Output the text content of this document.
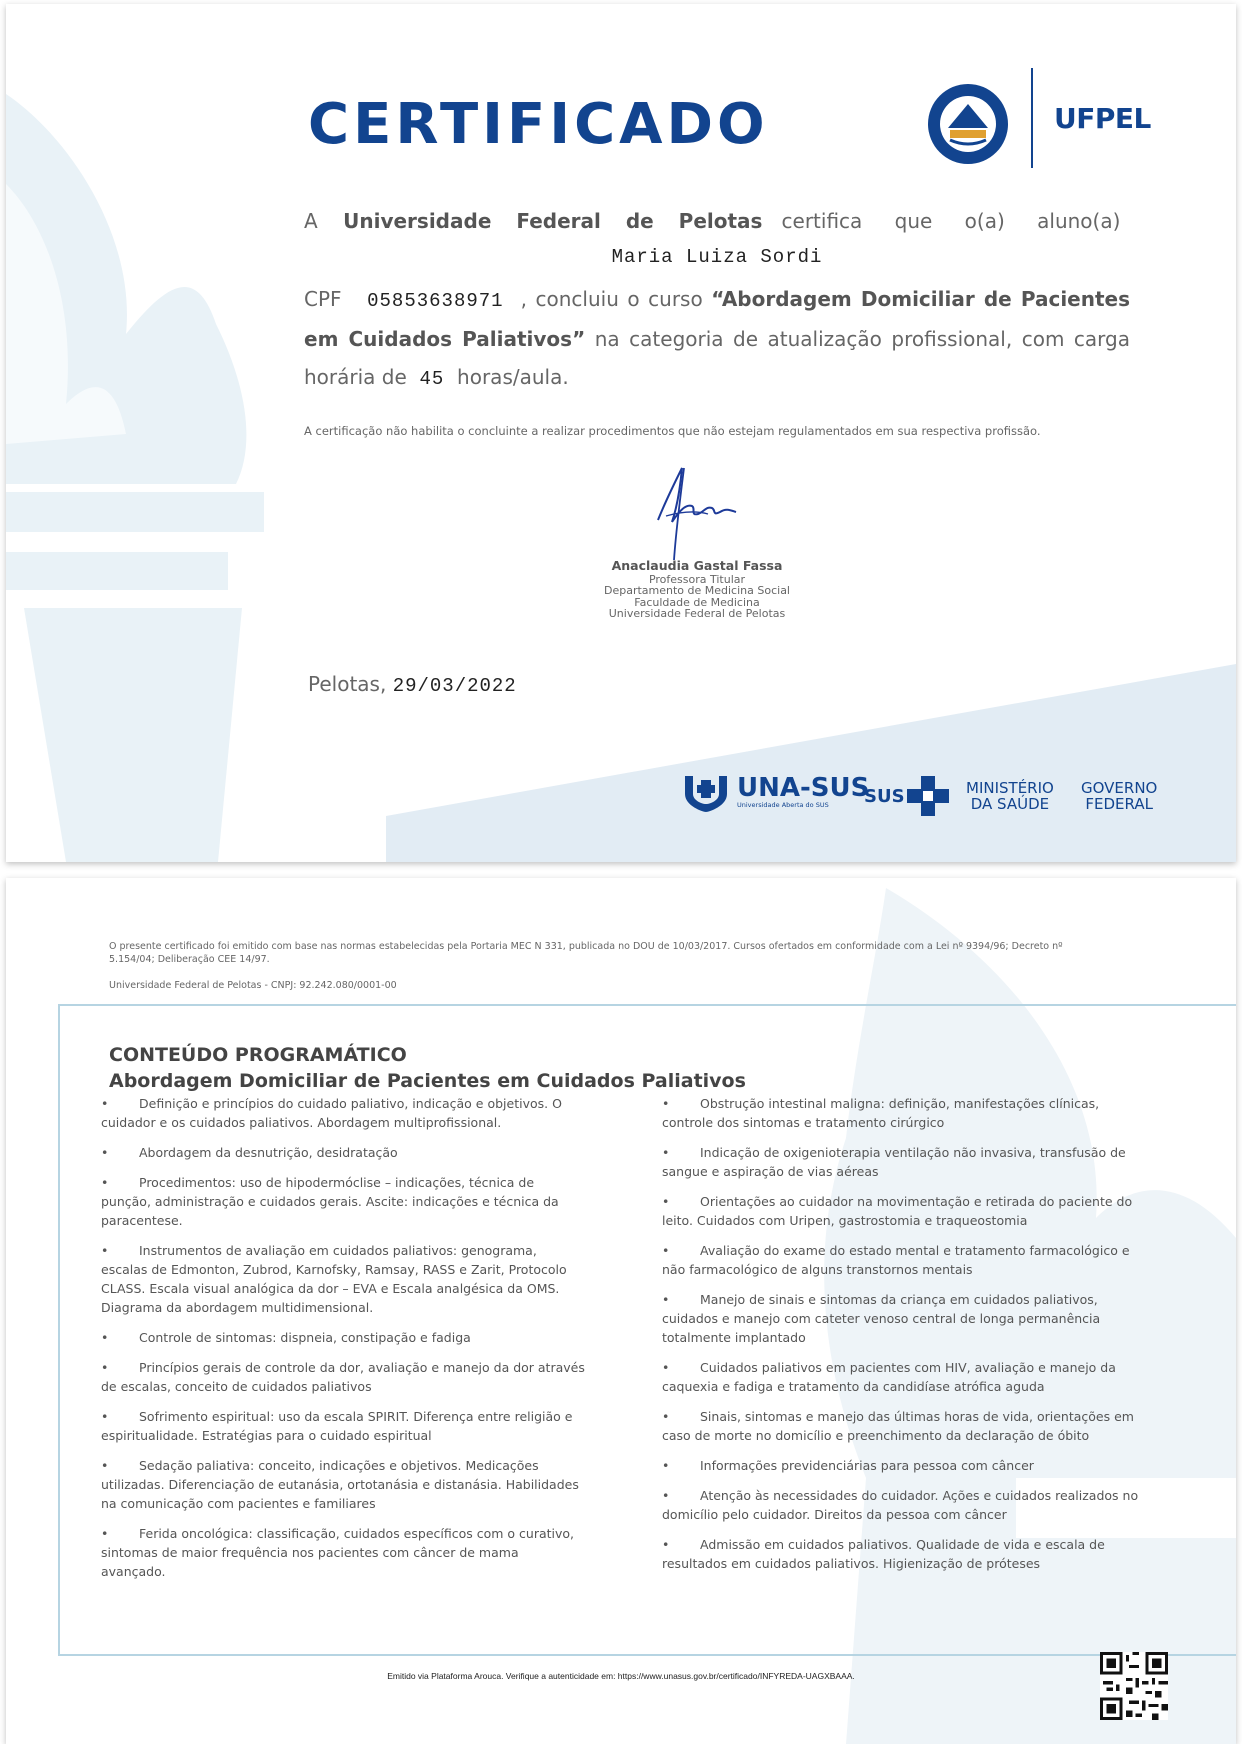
CERTIFICADO	UFPEL
A Universidade Federal de Pelotas certifica que o(a) aluno(a)
Maria Luiza Sordi
CPF 05853638971 , concluiu o curso “Abordagem Domiciliar de Pacientes em Cuidados Paliativos” na categoria de atualização profissional, com carga horária de 45 horas/aula.
A certificação não habilita o concluinte a realizar procedimentos que não estejam regulamentados em sua respectiva profissão.
Anaclaudia Gastal Fassa
Professora Titular
Departamento de Medicina Social
Faculdade de Medicina
Universidade Federal de Pelotas
Pelotas, 29/03/2022
UNA-SUS
Universidade Aberta do SUS	SUS	MINISTÉRIO
DA SAÚDE
GOVERNO
FEDERAL
O presente certificado foi emitido com base nas normas estabelecidas pela Portaria MEC N 331, publicada no DOU de 10/03/2017. Cursos ofertados em conformidade com a Lei nº 9394/96; Decreto nº 5.154/04; Deliberação CEE 14/97.
Universidade Federal de Pelotas - CNPJ: 92.242.080/0001-00
CONTEÚDO PROGRAMÁTICO
Abordagem Domiciliar de Pacientes em Cuidados Paliativos
• Definição e princípios do cuidado paliativo, indicação e objetivos. O cuidador e os cuidados paliativos. Abordagem multiprofissional.
• Abordagem da desnutrição, desidratação
• Procedimentos: uso de hipodermóclise – indicações, técnica de punção, administração e cuidados gerais. Ascite: indicações e técnica da paracentese.
• Instrumentos de avaliação em cuidados paliativos: genograma, escalas de Edmonton, Zubrod, Karnofsky, Ramsay, RASS e Zarit, Protocolo CLASS. Escala visual analógica da dor – EVA e Escala analgésica da OMS. Diagrama da abordagem multidimensional.
• Controle de sintomas: dispneia, constipação e fadiga
• Princípios gerais de controle da dor, avaliação e manejo da dor através de escalas, conceito de cuidados paliativos
• Sofrimento espiritual: uso da escala SPIRIT. Diferença entre religião e espiritualidade. Estratégias para o cuidado espiritual
• Sedação paliativa: conceito, indicações e objetivos. Medicações utilizadas. Diferenciação de eutanásia, ortotanásia e distanásia. Habilidades na comunicação com pacientes e familiares
• Ferida oncológica: classificação, cuidados específicos com o curativo, sintomas de maior frequência nos pacientes com câncer de mama avançado.
• Obstrução intestinal maligna: definição, manifestações clínicas, controle dos sintomas e tratamento cirúrgico
• Indicação de oxigenioterapia ventilação não invasiva, transfusão de sangue e aspiração de vias aéreas
• Orientações ao cuidador na movimentação e retirada do paciente do leito. Cuidados com Uripen, gastrostomia e traqueostomia
• Avaliação do exame do estado mental e tratamento farmacológico e não farmacológico de alguns transtornos mentais
• Manejo de sinais e sintomas da criança em cuidados paliativos, cuidados e manejo com cateter venoso central de longa permanência totalmente implantado
• Cuidados paliativos em pacientes com HIV, avaliação e manejo da caquexia e fadiga e tratamento da candidíase atrófica aguda
• Sinais, sintomas e manejo das últimas horas de vida, orientações em caso de morte no domicílio e preenchimento da declaração de óbito
• Informações previdenciárias para pessoa com câncer
• Atenção às necessidades do cuidador. Ações e cuidados realizados no domicílio pelo cuidador. Direitos da pessoa com câncer
• Admissão em cuidados paliativos. Qualidade de vida e escala de resultados em cuidados paliativos. Higienização de próteses
Emitido via Plataforma Arouca. Verifique a autenticidade em: https://www.unasus.gov.br/certificado/INFYREDA-UAGXBAAA.
